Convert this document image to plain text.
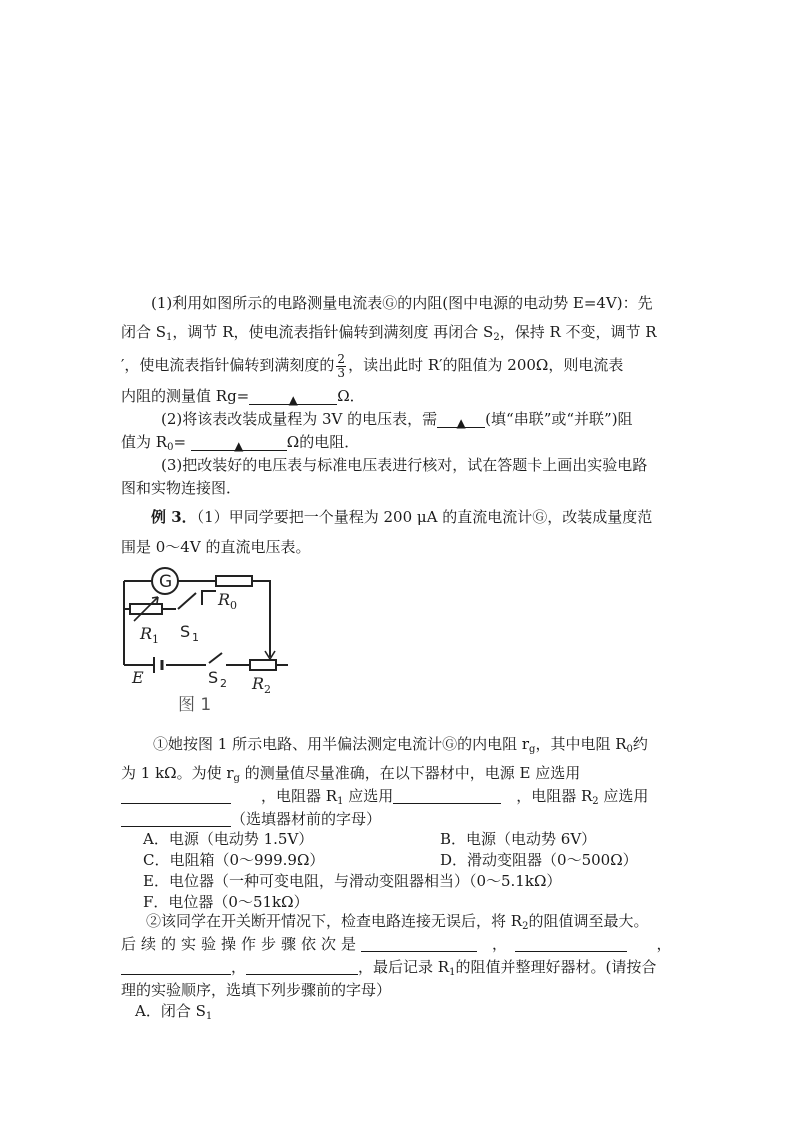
(1)利用如图所示的电路测量电流表Ⓖ的内阻(图中电源的电动势 E=4V)：先
闭合 $S_1$，调节 R，使电流表指针偏转到满刻度 再闭合 $S_2$，保持 R 不变，调节 R
′，使电流表指针偏转到满刻度的 $\frac{2}{3}$ ，读出此时 R′的阻值为 200Ω，则电流表
内阻的测量值 Rg=	▲	Ω．
(2)将该表改装成量程为 3V 的电压表，需 ▲ (填“串联”或“并联”)阻
值为 $R_0=$	▲	Ω的电阻．
(3)把改装好的电压表与标准电压表进行核对，试在答题卡上画出实验电路
图和实物连接图．
例 3．（1）甲同学要把一个量程为 200 μA 的直流电流计Ⓖ，改装成量度范
围是 0～4V 的直流电压表。
G
R 0
R 1 S 1
E	S 2 R 2
图 1
①她按图 1 所示电路、用半偏法测定电流计Ⓖ的内电阻 $r_g$，其中电阻 $R_0$约
为 1 kΩ。为使 $r_g$ 的测量值尽量准确，在以下器材中，电源 E 应选用
  ，电阻器 $R_1$ 应选用 	，电阻器 $R_2$ 应选用
（选填器材前的字母）
A．电源（电动势 1.5V）	B．电源（电动势 6V）
C．电阻箱（0～999.9Ω）	D．滑动变阻器（0～500Ω）
E．电位器（一种可变电阻，与滑动变阻器相当）（0～5.1kΩ）
F．电位器（0～51kΩ）
②该同学在开关断开情况下，检查电路连接无误后，将 $R_2$的阻值调至最大。
后续的实验操作步骤依次是 	，   	，
，	，最后记录 $R_1$的阻值并整理好器材。(请按合
理的实验顺序，选填下列步骤前的字母）
A．闭合 $S_1$
